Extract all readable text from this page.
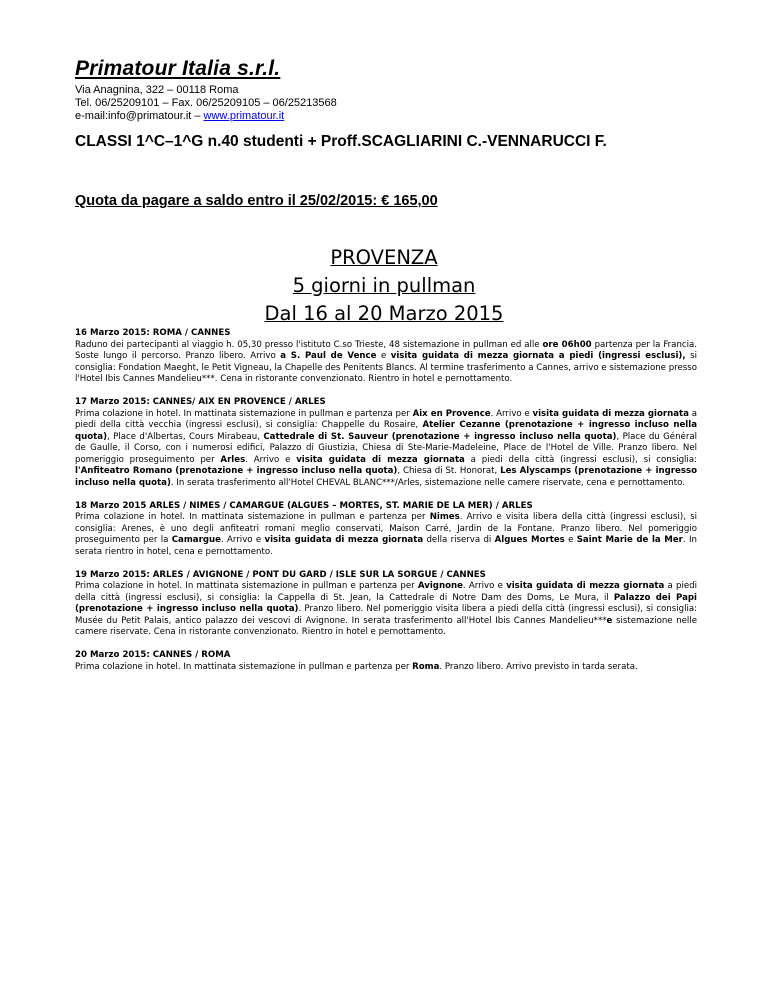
Primatour Italia s.r.l.
Via Anagnina, 322 – 00118 Roma
Tel. 06/25209101 – Fax. 06/25209105 – 06/25213568
e-mail:info@primatour.it – www.primatour.it
CLASSI 1^C–1^G n.40 studenti + Proff.SCAGLIARINI C.-VENNARUCCI F.
Quota da pagare a saldo entro il 25/02/2015: € 165,00
PROVENZA
5 giorni in pullman
Dal 16 al 20 Marzo 2015
16 Marzo 2015: ROMA / CANNES

Raduno dei partecipanti al viaggio h. 05,30 presso l'istituto C.so Trieste, 48 sistemazione in pullman ed alle ore 06h00 partenza per la Francia. Soste lungo il percorso. Pranzo libero. Arrivo a S. Paul de Vence e visita guidata di mezza giornata a piedi (ingressi esclusi), si consiglia: Fondation Maeght, le Petit Vigneau, la Chapelle des Penitents Blancs. Al termine trasferimento a Cannes, arrivo e sistemazione presso l'Hotel Ibis Cannes Mandelieu***. Cena in ristorante convenzionato. Rientro in hotel e pernottamento.

17 Marzo 2015: CANNES/ AIX EN PROVENCE / ARLES

Prima colazione in hotel. In mattinata sistemazione in pullman e partenza per Aix en Provence. Arrivo e visita guidata di mezza giornata a piedi della città vecchia (ingressi esclusi), si consiglia: Chappelle du Rosaire, Atelier Cezanne (prenotazione + ingresso incluso nella quota), Place d'Albertas, Cours Mirabeau, Cattedrale di St. Sauveur (prenotazione + ingresso incluso nella quota), Place du Général de Gaulle, il Corso, con i numerosi edifici, Palazzo di Giustizia, Chiesa di Ste-Marie-Madeleine, Place de l'Hotel de Ville. Pranzo libero. Nel pomeriggio proseguimento per Arles. Arrivo e visita guidata di mezza giornata a piedi della città (ingressi esclusi), si consiglia: l'Anfiteatro Romano (prenotazione + ingresso incluso nella quota), Chiesa di St. Honorat, Les Alyscamps (prenotazione + ingresso incluso nella quota). In serata trasferimento all'Hotel CHEVAL BLANC***/Arles, sistemazione nelle camere riservate, cena e pernottamento.

18 Marzo 2015 ARLES / NIMES / CAMARGUE (ALGUES – MORTES, ST. MARIE DE LA MER) / ARLES

Prima colazione in hotel. In mattinata sistemazione in pullman e partenza per Nimes. Arrivo e visita libera della città (ingressi esclusi), si consiglia: Arenes, è uno degli anfiteatri romani meglio conservati, Maison Carré, Jardin de la Fontane. Pranzo libero. Nel pomeriggio proseguimento per la Camargue. Arrivo e visita guidata di mezza giornata della riserva di Algues Mortes e Saint Marie de la Mer. In serata rientro in hotel, cena e pernottamento.

19 Marzo 2015: ARLES / AVIGNONE / PONT DU GARD / ISLE SUR LA SORGUE / CANNES

Prima colazione in hotel. In mattinata sistemazione in pullman e partenza per Avignone. Arrivo e visita guidata di mezza giornata a piedi della città (ingressi esclusi), si consiglia: la Cappella di St. Jean, la Cattedrale di Notre Dam des Doms, Le Mura, il Palazzo dei Papi (prenotazione + ingresso incluso nella quota). Pranzo libero. Nel pomeriggio visita libera a piedi della città (ingressi esclusi), si consiglia: Musée du Petit Palais, antico palazzo dei vescovi di Avignone. In serata trasferimento all'Hotel Ibis Cannes Mandelieu***e sistemazione nelle camere riservate. Cena in ristorante convenzionato. Rientro in hotel e pernottamento.

20 Marzo 2015: CANNES / ROMA

Prima colazione in hotel. In mattinata sistemazione in pullman e partenza per Roma. Pranzo libero. Arrivo previsto in tarda serata.
